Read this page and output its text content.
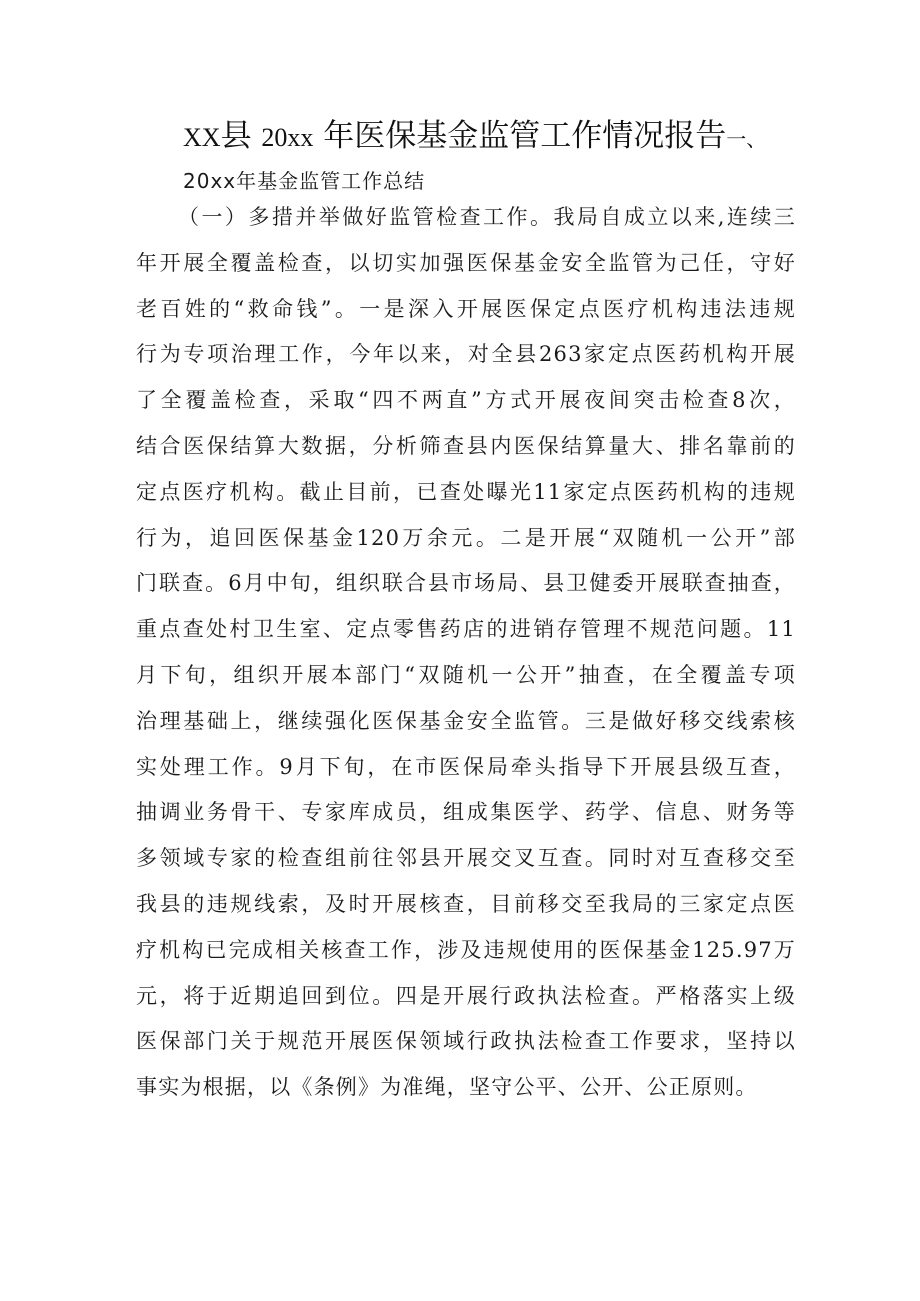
XX县 20xx 年医保基金监管工作情况报告一、
20xx年基金监管工作总结
（一）多措并举做好监管检查工作。我局自成立以来,连续三
年开展全覆盖检查，以切实加强医保基金安全监管为己任，守好
老百姓的“救命钱”。一是深入开展医保定点医疗机构违法违规
行为专项治理工作，今年以来，对全县263家定点医药机构开展
了全覆盖检查，采取“四不两直”方式开展夜间突击检查8次，
结合医保结算大数据，分析筛查县内医保结算量大、排名靠前的
定点医疗机构。截止目前，已查处曝光11家定点医药机构的违规
行为，追回医保基金120万余元。二是开展“双随机一公开”部
门联查。6月中旬，组织联合县市场局、县卫健委开展联查抽查，
重点查处村卫生室、定点零售药店的进销存管理不规范问题。11
月下旬，组织开展本部门“双随机一公开”抽查，在全覆盖专项
治理基础上，继续强化医保基金安全监管。三是做好移交线索核
实处理工作。9月下旬，在市医保局牵头指导下开展县级互查，
抽调业务骨干、专家库成员，组成集医学、药学、信息、财务等
多领域专家的检查组前往邻县开展交叉互查。同时对互查移交至
我县的违规线索，及时开展核查，目前移交至我局的三家定点医
疗机构已完成相关核查工作，涉及违规使用的医保基金125.97万
元，将于近期追回到位。四是开展行政执法检查。严格落实上级
医保部门关于规范开展医保领域行政执法检查工作要求，坚持以
事实为根据，以《条例》为准绳，坚守公平、公开、公正原则。
